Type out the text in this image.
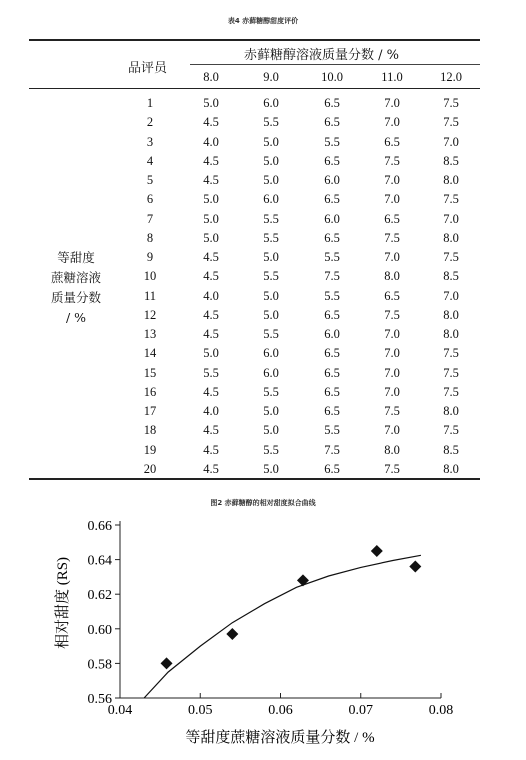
表4 赤藓糖醇甜度评价
品评员
赤藓糖醇溶液质量分数 / %
8.0	9.0	10.0	11.0	12.0
等甜度
蔗糖溶液
质量分数
/ %
1	5.0	6.0	6.5	7.0	7.5
2	4.5	5.5	6.5	7.0	7.5
3	4.0	5.0	5.5	6.5	7.0
4	4.5	5.0	6.5	7.5	8.5
5	4.5	5.0	6.0	7.0	8.0
6	5.0	6.0	6.5	7.0	7.5
7	5.0	5.5	6.0	6.5	7.0
8	5.0	5.5	6.5	7.5	8.0
9	4.5	5.0	5.5	7.0	7.5
10	4.5	5.5	7.5	8.0	8.5
11	4.0	5.0	5.5	6.5	7.0
12	4.5	5.0	6.5	7.5	8.0
13	4.5	5.5	6.0	7.0	8.0
14	5.0	6.0	6.5	7.0	7.5
15	5.5	6.0	6.5	7.0	7.5
16	4.5	5.5	6.5	7.0	7.5
17	4.0	5.0	6.5	7.5	8.0
18	4.5	5.0	5.5	7.0	7.5
19	4.5	5.5	7.5	8.0	8.5
20	4.5	5.0	6.5	7.5	8.0
图2 赤藓糖醇的相对甜度拟合曲线
0.56
0.58
0.60
0.62
0.64
0.66
0.04	0.05	0.06	0.07	0.08
等甜度蔗糖溶液质量分数 / %
相对甜度 (RS)
